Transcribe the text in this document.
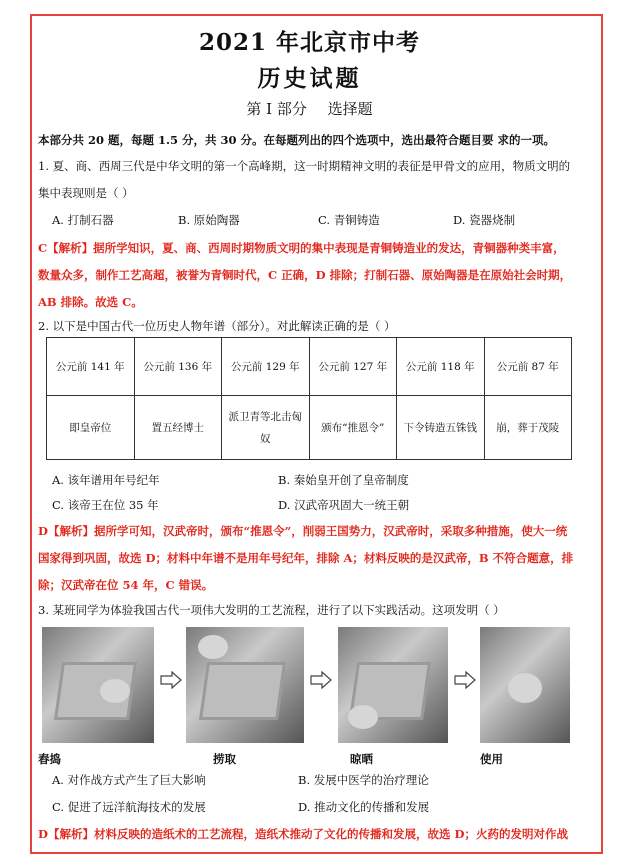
2021 年北京市中考
历史试题
第 I 部分 选择题
本部分共 20 题，每题 1.5 分，共 30 分。在每题列出的四个选项中，选出最符合题目要 求的一项。
1. 夏、商、西周三代是中华文明的第一个高峰期，这一时期精神文明的表征是甲骨文的应用，物质文明的
集中表现则是（ ）
A. 打制石器	B. 原始陶器	C. 青铜铸造	D. 瓷器烧制
C【解析】据所学知识，夏、商、西周时期物质文明的集中表现是青铜铸造业的发达，青铜器种类丰富，
数量众多，制作工艺高超，被誉为青铜时代，C 正确，D 排除；打制石器、原始陶器是在原始社会时期，
AB 排除。故选 C。
2. 以下是中国古代一位历史人物年谱（部分）。对此解读正确的是（ ）
公元前 141 年	公元前 136 年	公元前 129 年	公元前 127 年	公元前 118 年	公元前 87 年
即皇帝位	置五经博士	派卫青等北击匈奴	颁布“推恩令”	下令铸造五铢钱	崩，葬于茂陵
A. 该年谱用年号纪年	B. 秦始皇开创了皇帝制度
C. 该帝王在位 35 年	D. 汉武帝巩固大一统王朝
D【解析】据所学可知，汉武帝时，颁布“推恩令”，削弱王国势力，汉武帝时，采取多种措施，使大一统
国家得到巩固，故选 D；材料中年谱不是用年号纪年，排除 A；材料反映的是汉武帝，B 不符合题意，排
除；汉武帝在位 54 年，C 错误。
3. 某班同学为体验我国古代一项伟大发明的工艺流程，进行了以下实践活动。这项发明（ ）
舂捣	捞取	晾晒	使用
A. 对作战方式产生了巨大影响	B. 发展中医学的治疗理论
C. 促进了远洋航海技术的发展	D. 推动文化的传播和发展
D【解析】材料反映的造纸术的工艺流程，造纸术推动了文化的传播和发展，故选 D；火药的发明对作战
